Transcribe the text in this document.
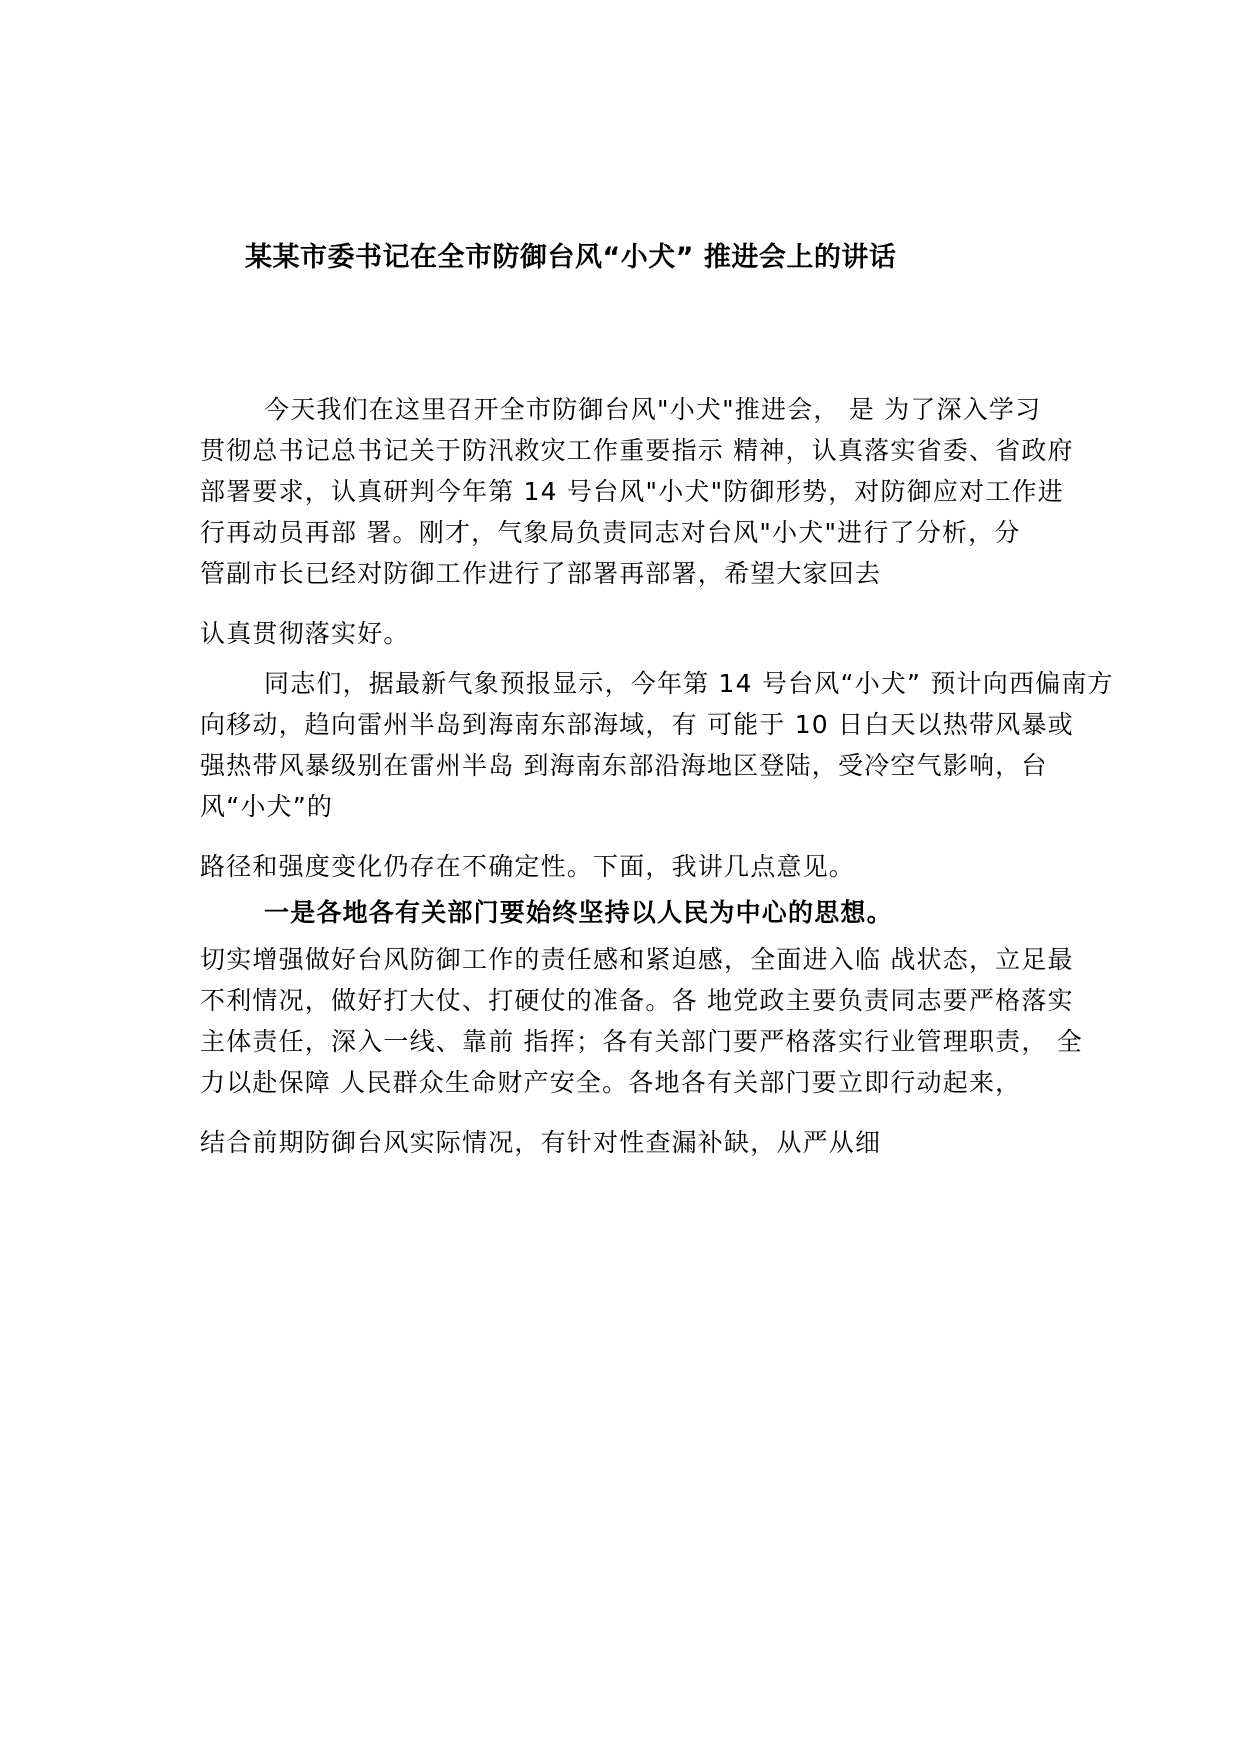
某某市委书记在全市防御台风“小犬” 推进会上的讲话
今天我们在这里召开全市防御台风"小犬"推进会， 是 为了深入学习
贯彻总书记总书记关于防汛救灾工作重要指示 精神，认真落实省委、省政府
部署要求，认真研判今年第 14 号台风"小犬"防御形势，对防御应对工作进
行再动员再部 署。刚才，气象局负责同志对台风"小犬"进行了分析，分
管副市长已经对防御工作进行了部署再部署，希望大家回去
认真贯彻落实好。
同志们，据最新气象预报显示，今年第 14 号台风“小犬” 预计向西偏南方
向移动，趋向雷州半岛到海南东部海域，有 可能于 10 日白天以热带风暴或
强热带风暴级别在雷州半岛 到海南东部沿海地区登陆，受冷空气影响，台
风“小犬”的
路径和强度变化仍存在不确定性。下面，我讲几点意见。
一是各地各有关部门要始终坚持以人民为中心的思想。
切实增强做好台风防御工作的责任感和紧迫感，全面进入临 战状态，立足最
不利情况，做好打大仗、打硬仗的准备。各 地党政主要负责同志要严格落实
主体责任，深入一线、靠前 指挥；各有关部门要严格落实行业管理职责， 全
力以赴保障 人民群众生命财产安全。各地各有关部门要立即行动起来，
结合前期防御台风实际情况，有针对性查漏补缺，从严从细
